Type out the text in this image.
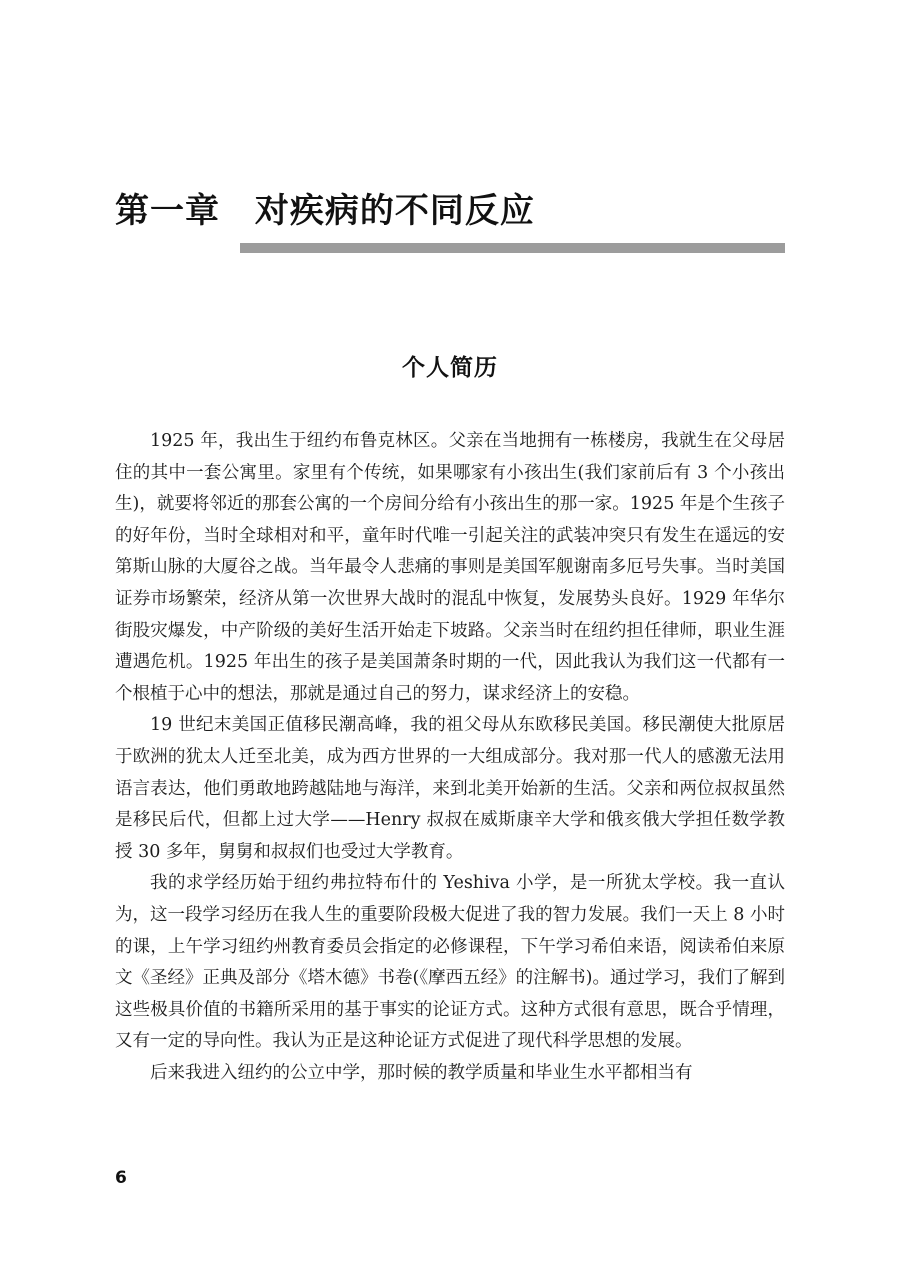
第一章 对疾病的不同反应
个人简历

1925 年，我出生于纽约布鲁克林区。父亲在当地拥有一栋楼房，我就生在父母居住的其中一套公寓里。家里有个传统，如果哪家有小孩出生(我们家前后有 3 个小孩出生)，就要将邻近的那套公寓的一个房间分给有小孩出生的那一家。1925 年是个生孩子的好年份，当时全球相对和平，童年时代唯一引起关注的武装冲突只有发生在遥远的安第斯山脉的大厦谷之战。当年最令人悲痛的事则是美国军舰谢南多厄号失事。当时美国证券市场繁荣，经济从第一次世界大战时的混乱中恢复，发展势头良好。1929 年华尔街股灾爆发，中产阶级的美好生活开始走下坡路。父亲当时在纽约担任律师，职业生涯遭遇危机。1925 年出生的孩子是美国萧条时期的一代，因此我认为我们这一代都有一个根植于心中的想法，那就是通过自己的努力，谋求经济上的安稳。

19 世纪末美国正值移民潮高峰，我的祖父母从东欧移民美国。移民潮使大批原居于欧洲的犹太人迁至北美，成为西方世界的一大组成部分。我对那一代人的感激无法用语言表达，他们勇敢地跨越陆地与海洋，来到北美开始新的生活。父亲和两位叔叔虽然是移民后代，但都上过大学——Henry 叔叔在威斯康辛大学和俄亥俄大学担任数学教授 30 多年，舅舅和叔叔们也受过大学教育。

我的求学经历始于纽约弗拉特布什的 Yeshiva 小学，是一所犹太学校。我一直认为，这一段学习经历在我人生的重要阶段极大促进了我的智力发展。我们一天上 8 小时的课，上午学习纽约州教育委员会指定的必修课程，下午学习希伯来语，阅读希伯来原文《圣经》正典及部分《塔木德》书卷(《摩西五经》的注解书)。通过学习，我们了解到这些极具价值的书籍所采用的基于事实的论证方式。这种方式很有意思，既合乎情理，又有一定的导向性。我认为正是这种论证方式促进了现代科学思想的发展。

后来我进入纽约的公立中学，那时候的教学质量和毕业生水平都相当有

6
